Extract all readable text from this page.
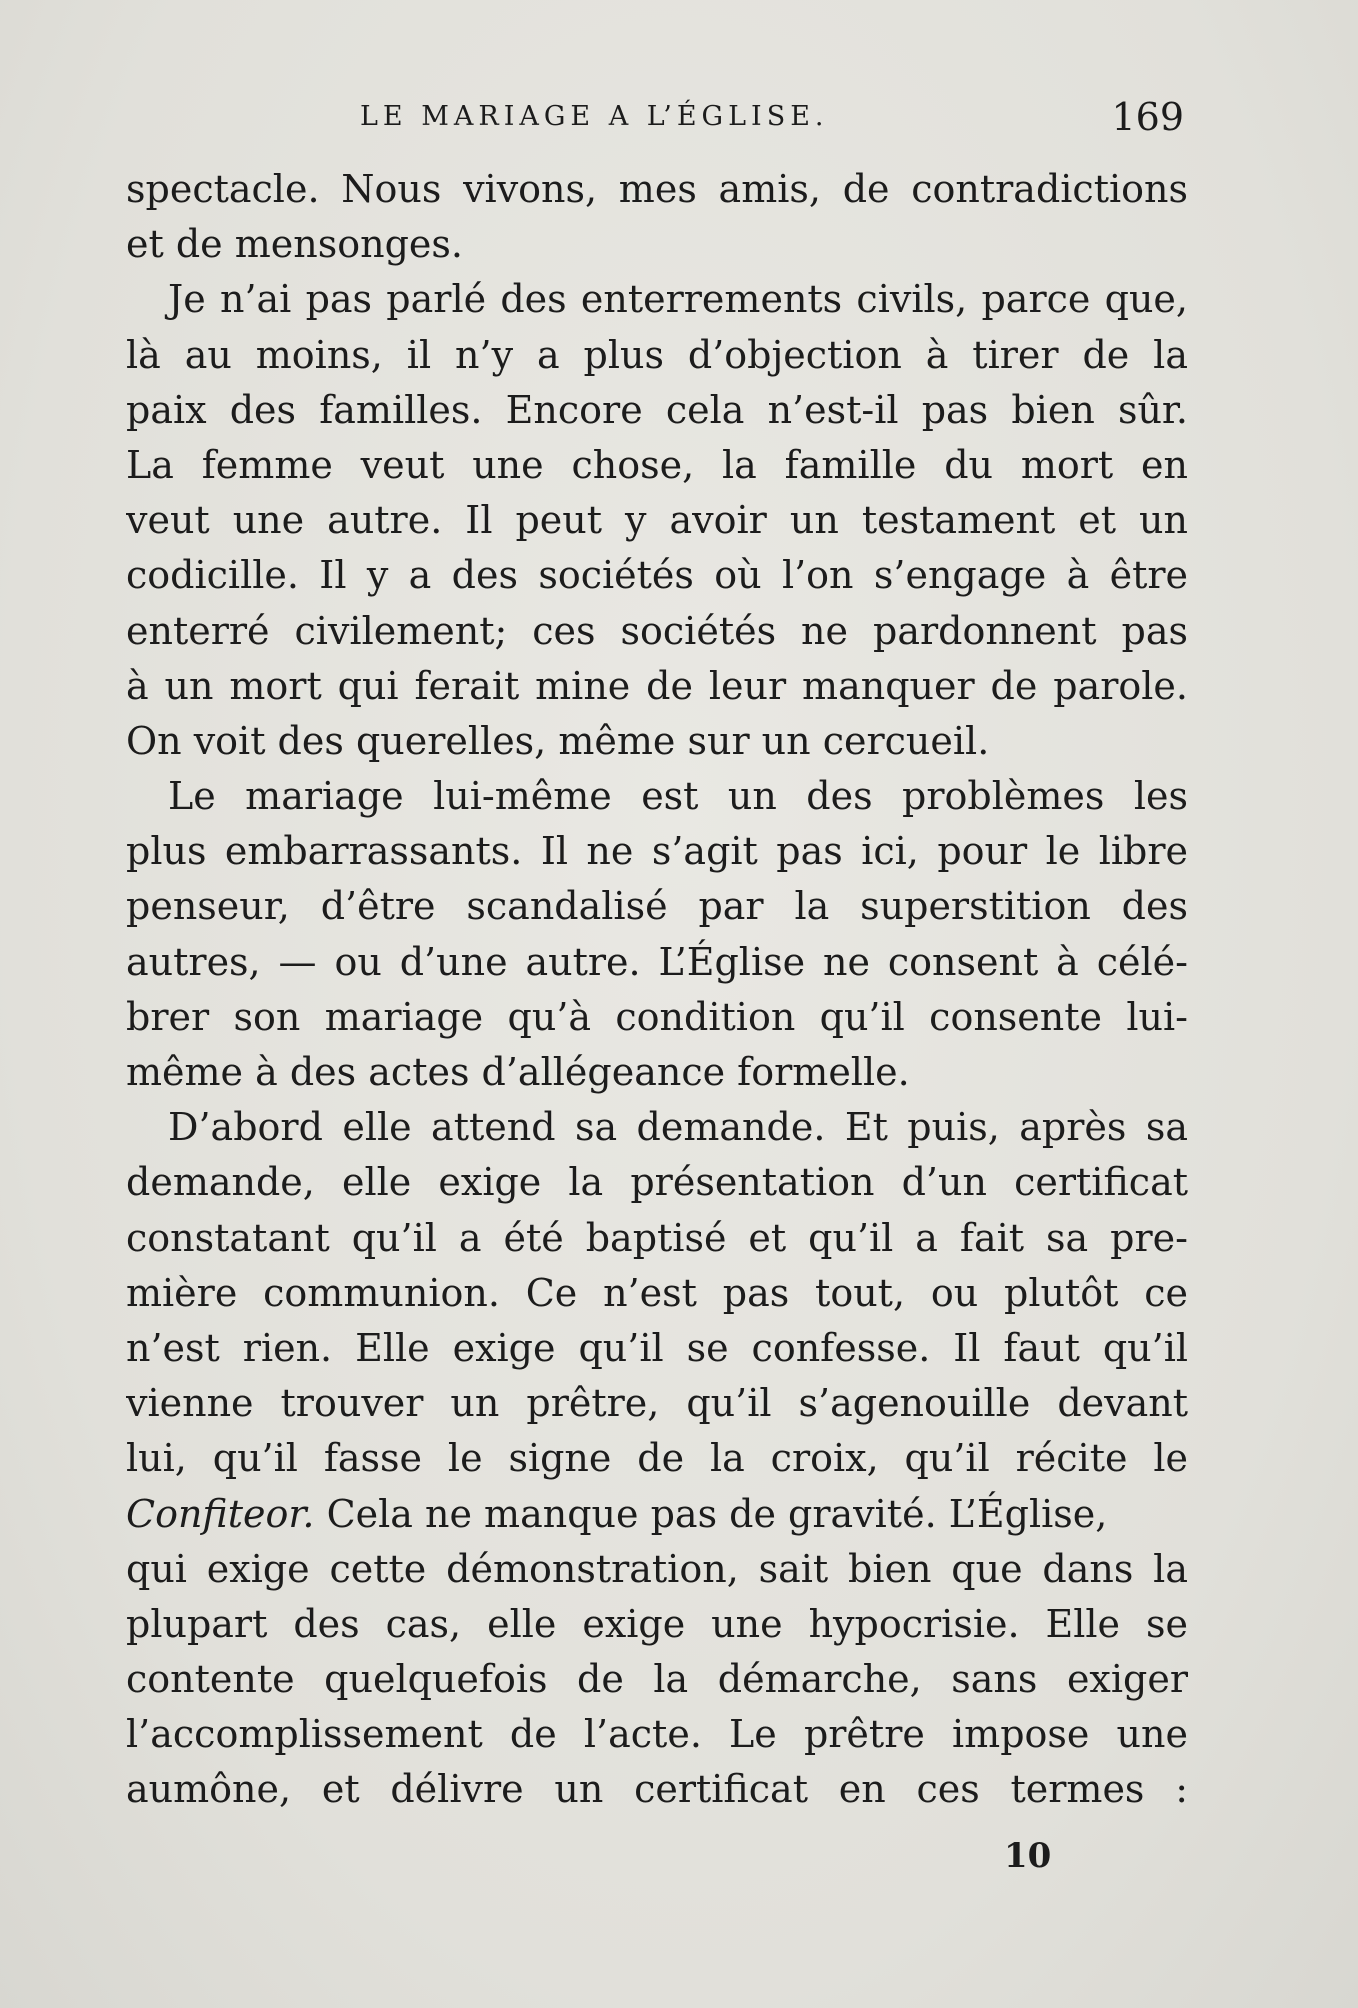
LE MARIAGE A L’ÉGLISE.	169
spectacle. Nous vivons, mes amis, de contradictions
et de mensonges.
Je n’ai pas parlé des enterrements civils, parce que,
là au moins, il n’y a plus d’objection à tirer de la
paix des familles. Encore cela n’est-il pas bien sûr.
La femme veut une chose, la famille du mort en
veut une autre. Il peut y avoir un testament et un
codicille. Il y a des sociétés où l’on s’engage à être
enterré civilement; ces sociétés ne pardonnent pas
à un mort qui ferait mine de leur manquer de parole.
On voit des querelles, même sur un cercueil.
Le mariage lui-même est un des problèmes les
plus embarrassants. Il ne s’agit pas ici, pour le libre
penseur, d’être scandalisé par la superstition des
autres, — ou d’une autre. L’Église ne consent à célé-
brer son mariage qu’à condition qu’il consente lui-
même à des actes d’allégeance formelle.
D’abord elle attend sa demande. Et puis, après sa
demande, elle exige la présentation d’un certificat
constatant qu’il a été baptisé et qu’il a fait sa pre-
mière communion. Ce n’est pas tout, ou plutôt ce
n’est rien. Elle exige qu’il se confesse. Il faut qu’il
vienne trouver un prêtre, qu’il s’agenouille devant
lui, qu’il fasse le signe de la croix, qu’il récite le
Confiteor. Cela ne manque pas de gravité. L’Église,
qui exige cette démonstration, sait bien que dans la
plupart des cas, elle exige une hypocrisie. Elle se
contente quelquefois de la démarche, sans exiger
l’accomplissement de l’acte. Le prêtre impose une
aumône, et délivre un certificat en ces termes :
10
